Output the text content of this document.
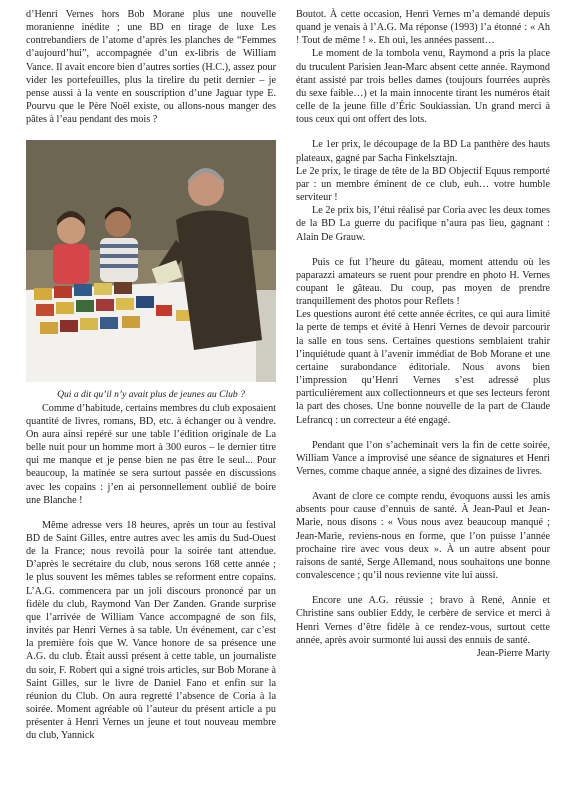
d’Henri Vernes hors Bob Morane plus une nouvelle moranienne inédite ; une BD en tirage de luxe Les contrebandiers de l’atome d’après les planches de “Femmes d’aujourd’hui”, accompagnée d’un ex-libris de William Vance. Il avait encore bien d’autres sorties (H.C.), assez pour vider les portefeuilles, plus la tirelire du petit dernier – je pense aussi à la vente en souscription d’une Jaguar type E. Pourvu que le Père Noël existe, ou allons-nous manger des pâtes à l’eau pendant des mois ?

Qui a dit qu’il n’y avait plus de jeunes au Club ?

Comme d’habitude, certains membres du club exposaient quantité de livres, romans, BD, etc. à échanger ou à vendre. On aura ainsi repéré sur une table l’édition originale de La belle nuit pour un homme mort à 300 euros – le dernier titre qui me manque et je pense bien ne pas être le seul... Pour beaucoup, la matinée se sera surtout passée en discussions avec les copains : j’en ai personnellement oublié de boire une Blanche !

Même adresse vers 18 heures, après un tour au festival BD de Saint Gilles, entre autres avec les amis du Sud-Ouest de la France; nous revoilà pour la soirée tant attendue. D’après le secrétaire du club, nous serons 168 cette année ; le plus souvent les mêmes tables se reforment entre copains. L’A.G. commencera par un joli discours prononcé par un fidèle du club, Raymond Van Der Zanden. Grande surprise que l’arrivée de William Vance accompagné de son fils, invités par Henri Vernes à sa table. Un événement, car c’est la première fois que W. Vance honore de sa présence une A.G. du club. Était aussi présent à cette table, un journaliste du soir, F. Robert qui a signé trois articles, sur Bob Morane à Saint Gilles, sur le livre de Daniel Fano et enfin sur la réunion du Club. On aura regretté l’absence de Coria à la soirée. Moment agréable où l’auteur du présent article a pu présenter à Henri Vernes un jeune et tout nouveau membre du club, Yannick

Boutot. À cette occasion, Henri Vernes m’a demandé depuis quand je venais à l’A.G. Ma réponse (1993) l’a étonné : « Ah ! Tout de même ! ». Eh oui, les années passent…

Le moment de la tombola venu, Raymond a pris la place du truculent Parisien Jean-Marc absent cette année. Raymond étant assisté par trois belles dames (toujours fourrées auprès du sexe faible…) et la main innocente tirant les numéros était celle de la jeune fille d’Éric Soukiassian. Un grand merci à tous ceux qui ont offert des lots.

Le 1er prix, le découpage de la BD La panthère des hauts plateaux, gagné par Sacha Finkelsztajn.

Le 2e prix, le tirage de tête de la BD Objectif Equus remporté par : un membre éminent de ce club, euh… votre humble serviteur !

Le 2e prix bis, l’étui réalisé par Coria avec les deux tomes de la BD La guerre du pacifique n’aura pas lieu, gagnant : Alain De Grauw.

Puis ce fut l’heure du gâteau, moment attendu où les paparazzi amateurs se ruent pour prendre en photo H. Vernes coupant le gâteau. Du coup, pas moyen de prendre tranquillement des photos pour Reflets !

Les questions auront été cette année écrites, ce qui aura limité la perte de temps et évité à Henri Vernes de devoir parcourir la salle en tous sens. Certaines questions semblaient trahir l’inquiétude quant à l’avenir immédiat de Bob Morane et une certaine surabondance éditoriale. Nous avons bien l’impression qu’Henri Vernes s’est adressé plus particulièrement aux collectionneurs et que ses lecteurs feront la part des choses. Une bonne nouvelle de la part de Claude Lefrancq : un correcteur a été engagé.

Pendant que l’on s’acheminait vers la fin de cette soirée, William Vance a improvisé une séance de signatures et Henri Vernes, comme chaque année, a signé des dizaines de livres.

Avant de clore ce compte rendu, évoquons aussi les amis absents pour cause d’ennuis de santé. À Jean-Paul et Jean-Marie, nous disons : « Vous nous avez beaucoup manqué ; Jean-Marie, reviens-nous en forme, que l’on puisse l’année prochaine rire avec vous deux ». À un autre absent pour raisons de santé, Serge Allemand, nous souhaitons une bonne convalescence ; qu’il nous revienne vite lui aussi.

Encore une A.G. réussie ; bravo à René, Annie et Christine sans oublier Eddy, le cerbère de service et merci à Henri Vernes d’être fidèle à ce rendez-vous, surtout cette année, après avoir surmonté lui aussi des ennuis de santé.

Jean-Pierre Marty
